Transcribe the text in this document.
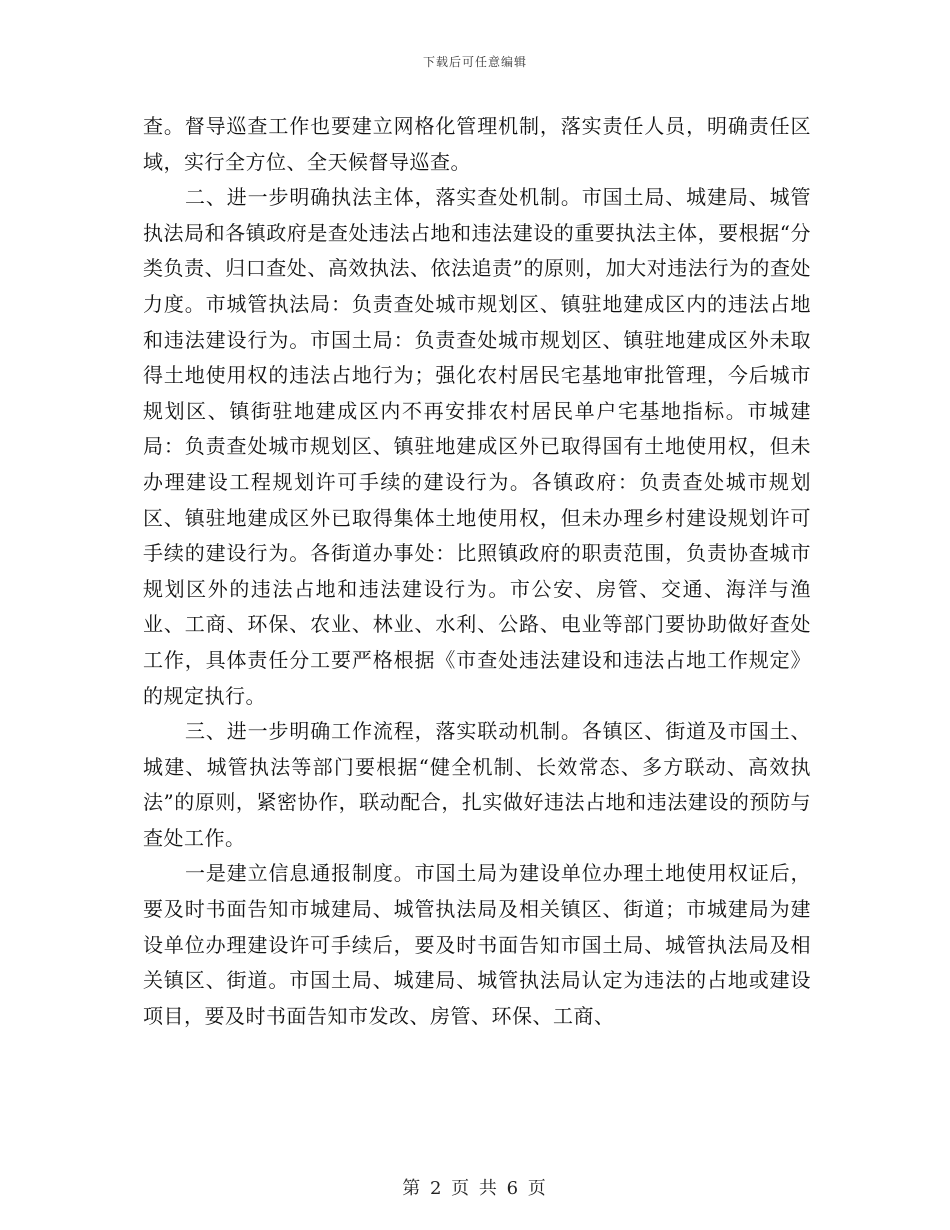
下载后可任意编辑

查。督导巡查工作也要建立网格化管理机制，落实责任人员，明确责任区域，实行全方位、全天候督导巡查。

二、进一步明确执法主体，落实查处机制。市国土局、城建局、城管执法局和各镇政府是查处违法占地和违法建设的重要执法主体，要根据“分类负责、归口查处、高效执法、依法追责”的原则，加大对违法行为的查处力度。市城管执法局：负责查处城市规划区、镇驻地建成区内的违法占地和违法建设行为。市国土局：负责查处城市规划区、镇驻地建成区外未取得土地使用权的违法占地行为；强化农村居民宅基地审批管理，今后城市规划区、镇街驻地建成区内不再安排农村居民单户宅基地指标。市城建局：负责查处城市规划区、镇驻地建成区外已取得国有土地使用权，但未办理建设工程规划许可手续的建设行为。各镇政府：负责查处城市规划区、镇驻地建成区外已取得集体土地使用权，但未办理乡村建设规划许可手续的建设行为。各街道办事处：比照镇政府的职责范围，负责协查城市规划区外的违法占地和违法建设行为。市公安、房管、交通、海洋与渔业、工商、环保、农业、林业、水利、公路、电业等部门要协助做好查处工作，具体责任分工要严格根据《市查处违法建设和违法占地工作规定》的规定执行。

三、进一步明确工作流程，落实联动机制。各镇区、街道及市国土、城建、城管执法等部门要根据“健全机制、长效常态、多方联动、高效执法”的原则，紧密协作，联动配合，扎实做好违法占地和违法建设的预防与查处工作。

一是建立信息通报制度。市国土局为建设单位办理土地使用权证后，要及时书面告知市城建局、城管执法局及相关镇区、街道；市城建局为建设单位办理建设许可手续后，要及时书面告知市国土局、城管执法局及相关镇区、街道。市国土局、城建局、城管执法局认定为违法的占地或建设项目，要及时书面告知市发改、房管、环保、工商、

第 2 页 共 6 页
